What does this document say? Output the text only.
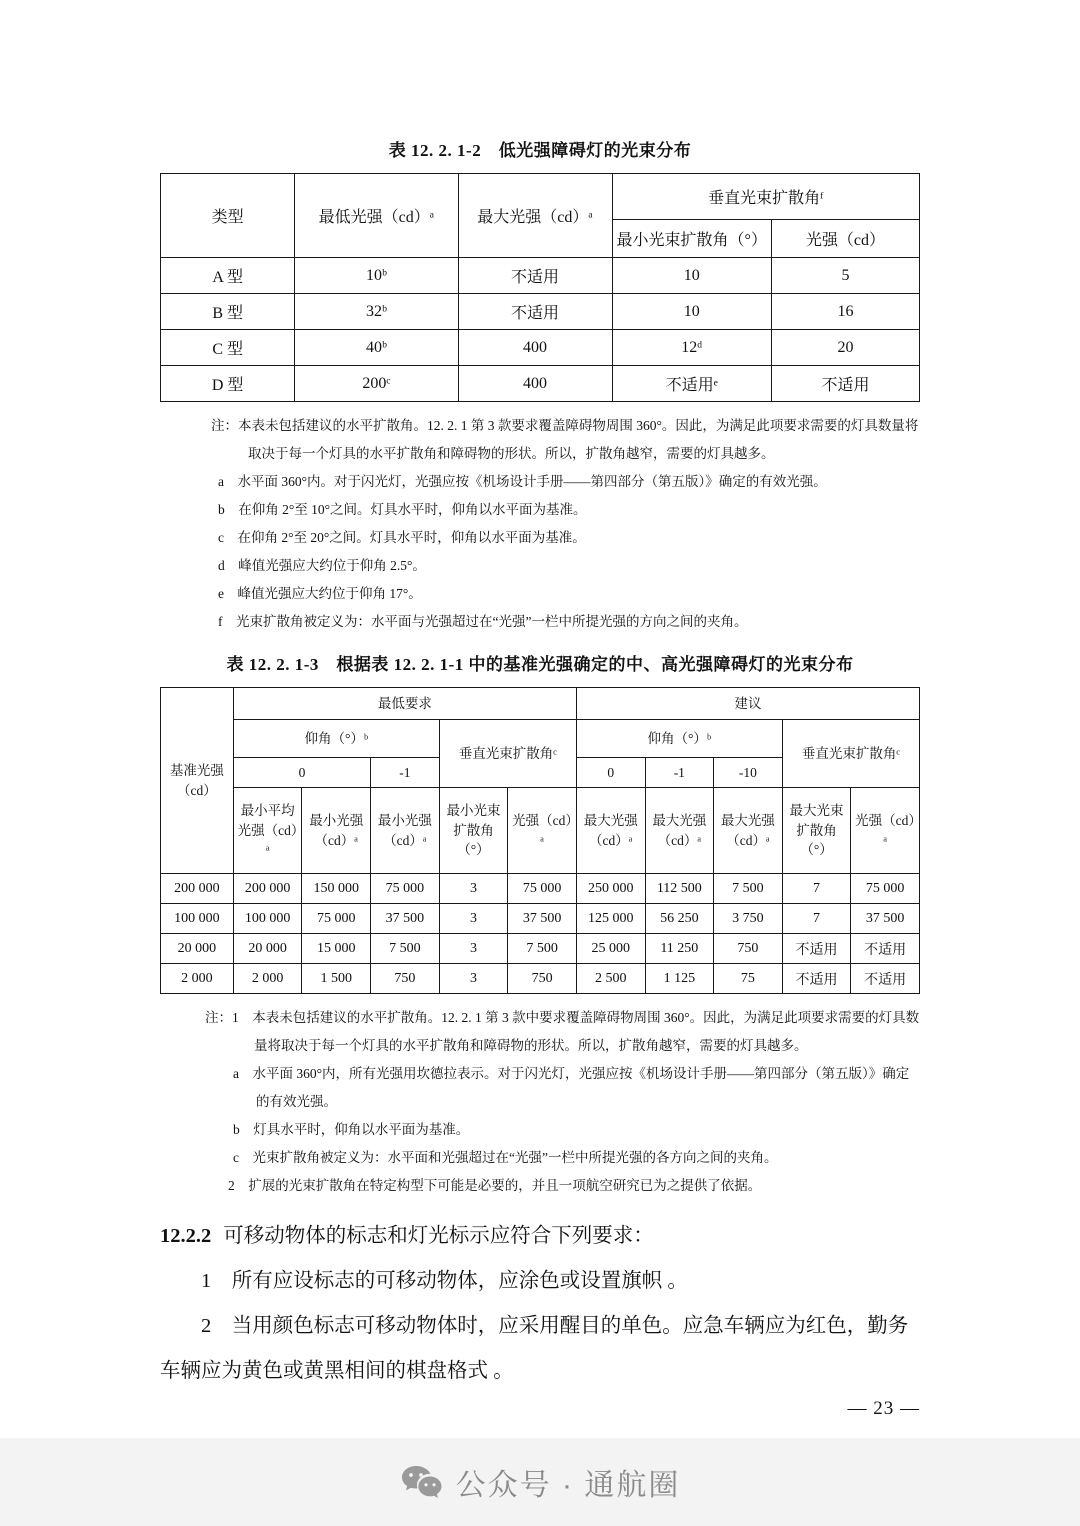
表 12. 2. 1-2　低光强障碍灯的光束分布
类型	最低光强（cd）ᵃ	最大光强（cd）ᵃ	垂直光束扩散角ᶠ	
			最小光束扩散角（°）	光强（cd）
A 型	10ᵇ	不适用	10	5
B 型	32ᵇ	不适用	10	16
C 型	40ᵇ	400	12ᵈ	20
D 型	200ᶜ	400	不适用ᵉ	不适用

注：本表未包括建议的水平扩散角。12. 2. 1 第 3 款要求覆盖障碍物周围 360°。因此，为满足此项要求需要的灯具数量将取决于每一个灯具的水平扩散角和障碍物的形状。所以，扩散角越窄，需要的灯具越多。

a　水平面 360°内。对于闪光灯，光强应按《机场设计手册——第四部分（第五版）》确定的有效光强。

b　在仰角 2°至 10°之间。灯具水平时，仰角以水平面为基准。

c　在仰角 2°至 20°之间。灯具水平时，仰角以水平面为基准。

d　峰值光强应大约位于仰角 2.5°。

e　峰值光强应大约位于仰角 17°。

f　光束扩散角被定义为：水平面与光强超过在“光强”一栏中所提光强的方向之间的夹角。

表 12. 2. 1-3　根据表 12. 2. 1-1 中的基准光强确定的中、高光强障碍灯的光束分布
基准光强（cd）	最低要求					建议				
	仰角（°）ᵇ			垂直光束扩散角ᶜ		仰角（°）ᵇ			垂直光束扩散角ᶜ	
	0		-1			0	-1	-10		
	最小平均光强（cd）ᵃ	最小光强（cd）ᵃ	最小光强（cd）ᵃ	最小光束扩散角（°）	光强（cd）ᵃ	最大光强（cd）ᵃ	最大光强（cd）ᵃ	最大光强（cd）ᵃ	最大光束扩散角（°）	光强（cd）ᵃ
200 000	200 000	150 000	75 000	3	75 000	250 000	112 500	7 500	7	75 000
100 000	100 000	75 000	37 500	3	37 500	125 000	56 250	3 750	7	37 500
20 000	20 000	15 000	7 500	3	7 500	25 000	11 250	750	不适用	不适用
2 000	2 000	1 500	750	3	750	2 500	1 125	75	不适用	不适用

注：1　本表未包括建议的水平扩散角。12. 2. 1 第 3 款中要求覆盖障碍物周围 360°。因此，为满足此项要求需要的灯具数量将取决于每一个灯具的水平扩散角和障碍物的形状。所以，扩散角越窄，需要的灯具越多。

a　水平面 360°内，所有光强用坎德拉表示。对于闪光灯，光强应按《机场设计手册——第四部分（第五版）》确定的有效光强。

b　灯具水平时，仰角以水平面为基准。

c　光束扩散角被定义为：水平面和光强超过在“光强”一栏中所提光强的各方向之间的夹角。

2　扩展的光束扩散角在特定构型下可能是必要的，并且一项航空研究已为之提供了依据。

12.2.2 可移动物体的标志和灯光标示应符合下列要求：

1　所有应设标志的可移动物体，应涂色或设置旗帜 。

2　当用颜色标志可移动物体时，应采用醒目的单色。应急车辆应为红色，勤务车辆应为黄色或黄黑相间的棋盘格式 。

— 23 —
公众号 · 通航圈
